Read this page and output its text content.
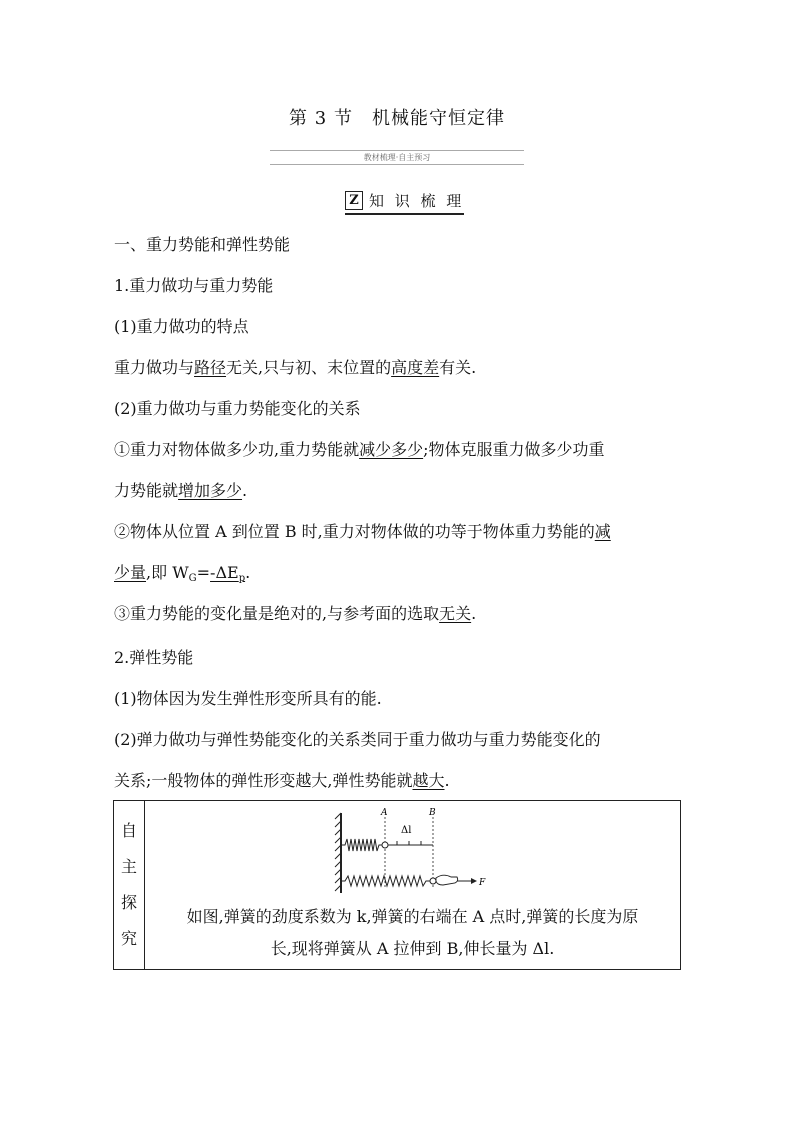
第 3 节　机械能守恒定律
教材梳理·自主预习
Z 知 识 梳 理
一、重力势能和弹性势能
1.重力做功与重力势能
(1)重力做功的特点
重力做功与路径无关,只与初、末位置的高度差有关.
(2)重力做功与重力势能变化的关系
①重力对物体做多少功,重力势能就减少多少;物体克服重力做多少功重
力势能就增加多少.
②物体从位置 A 到位置 B 时,重力对物体做的功等于物体重力势能的减
少量,即 $W_G=-\Delta E_p$.
③重力势能的变化量是绝对的,与参考面的选取无关.
2.弹性势能
(1)物体因为发生弹性形变所具有的能.
(2)弹力做功与弹性势能变化的关系类同于重力做功与重力势能变化的
关系;一般物体的弹性形变越大,弹性势能就越大.
自
主
探
究

A	B
Δl
F

如图,弹簧的劲度系数为 k,弹簧的右端在 A 点时,弹簧的长度为原

长,现将弹簧从 A 拉伸到 B,伸长量为 Δl.
